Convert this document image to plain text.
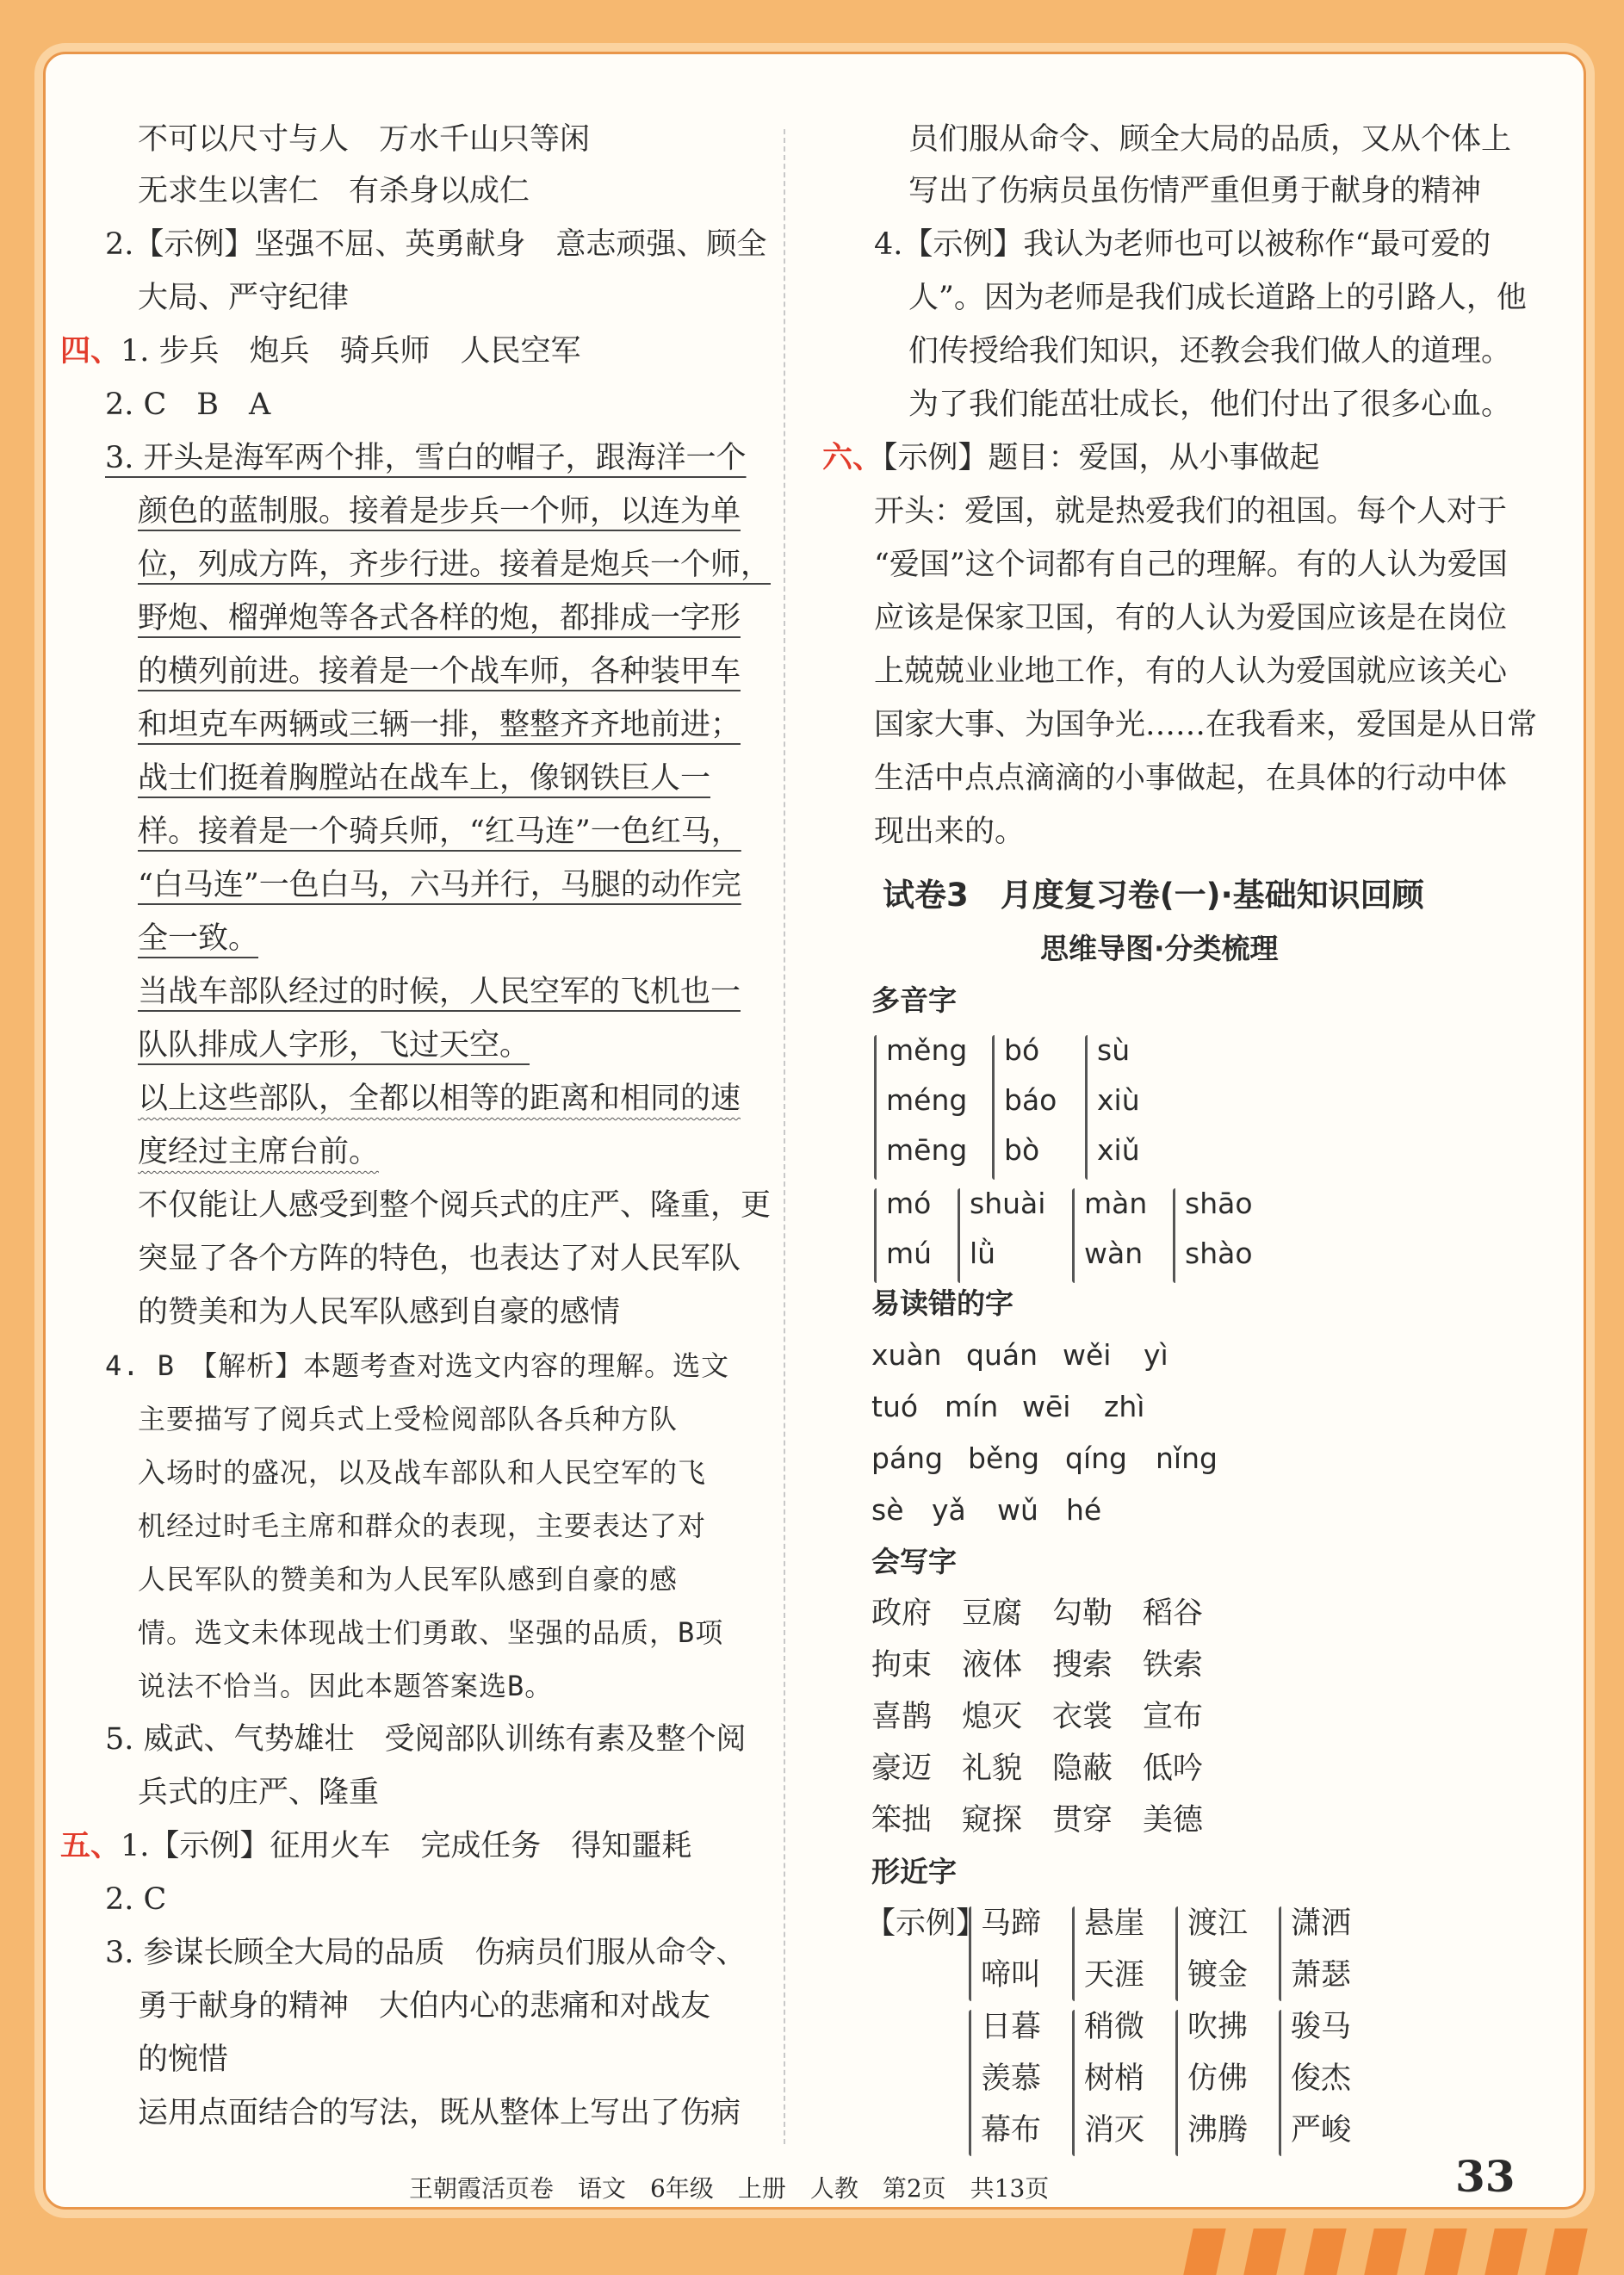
不可以尺寸与人　万水千山只等闲
无求生以害仁　有杀身以成仁
2.【示例】坚强不屈、英勇献身　意志顽强、顾全
大局、严守纪律
四、1. 步兵　炮兵　骑兵师　人民空军
2. C　B　A
3. 开头是海军两个排，雪白的帽子，跟海洋一个
颜色的蓝制服。接着是步兵一个师，以连为单
位，列成方阵，齐步行进。接着是炮兵一个师，
野炮、榴弹炮等各式各样的炮，都排成一字形
的横列前进。接着是一个战车师，各种装甲车
和坦克车两辆或三辆一排，整整齐齐地前进；
战士们挺着胸膛站在战车上，像钢铁巨人一
样。接着是一个骑兵师，“红马连”一色红马，
“白马连”一色白马，六马并行，马腿的动作完
全一致。
当战车部队经过的时候，人民空军的飞机也一
队队排成人字形，飞过天空。
以上这些部队，全都以相等的距离和相同的速
度经过主席台前。
不仅能让人感受到整个阅兵式的庄严、隆重，更
突显了各个方阵的特色，也表达了对人民军队
的赞美和为人民军队感到自豪的感情
4. B　【解析】本题考查对选文内容的理解。选文
主要描写了阅兵式上受检阅部队各兵种方队
入场时的盛况，以及战车部队和人民空军的飞
机经过时毛主席和群众的表现，主要表达了对
人民军队的赞美和为人民军队感到自豪的感
情。选文未体现战士们勇敢、坚强的品质，B项
说法不恰当。因此本题答案选B。
5. 威武、气势雄壮　受阅部队训练有素及整个阅
兵式的庄严、隆重
五、1.【示例】征用火车　完成任务　得知噩耗
2. C
3. 参谋长顾全大局的品质　伤病员们服从命令、
勇于献身的精神　大伯内心的悲痛和对战友
的惋惜
运用点面结合的写法，既从整体上写出了伤病
员们服从命令、顾全大局的品质，又从个体上
写出了伤病员虽伤情严重但勇于献身的精神
4.【示例】我认为老师也可以被称作“最可爱的
人”。因为老师是我们成长道路上的引路人，他
们传授给我们知识，还教会我们做人的道理。
为了我们能茁壮成长，他们付出了很多心血。
六、【示例】题目：爱国，从小事做起
开头：爱国，就是热爱我们的祖国。每个人对于
“爱国”这个词都有自己的理解。有的人认为爱国
应该是保家卫国，有的人认为爱国应该是在岗位
上兢兢业业地工作，有的人认为爱国就应该关心
国家大事、为国争光……在我看来，爱国是从日常
生活中点点滴滴的小事做起，在具体的行动中体
现出来的。
试卷3　月度复习卷(一)·基础知识回顾
思维导图·分类梳理
多音字
měng
méng
mēng
bó
báo
bò
sù
xiù
xiǔ
mó
mú
shuài
lǜ
màn
wàn
shāo
shào
易读错的字
xuàn quán wěi yì
tuó mín wēi zhì
páng běng qíng nǐng
sè yǎ wǔ hé
会写字
政府 豆腐 勾勒 稻谷
拘束 液体 搜索 铁索
喜鹊 熄灭 衣裳 宣布
豪迈 礼貌 隐蔽 低吟
笨拙 窥探 贯穿 美德
形近字
【示例】
马蹄
啼叫
悬崖
天涯
渡江
镀金
潇洒
萧瑟
日暮
羡慕
幕布
稍微
树梢
消灭
吹拂
仿佛
沸腾
骏马
俊杰
严峻
王朝霞活页卷　语文　6年级　上册　人教　第2页　共13页	33
